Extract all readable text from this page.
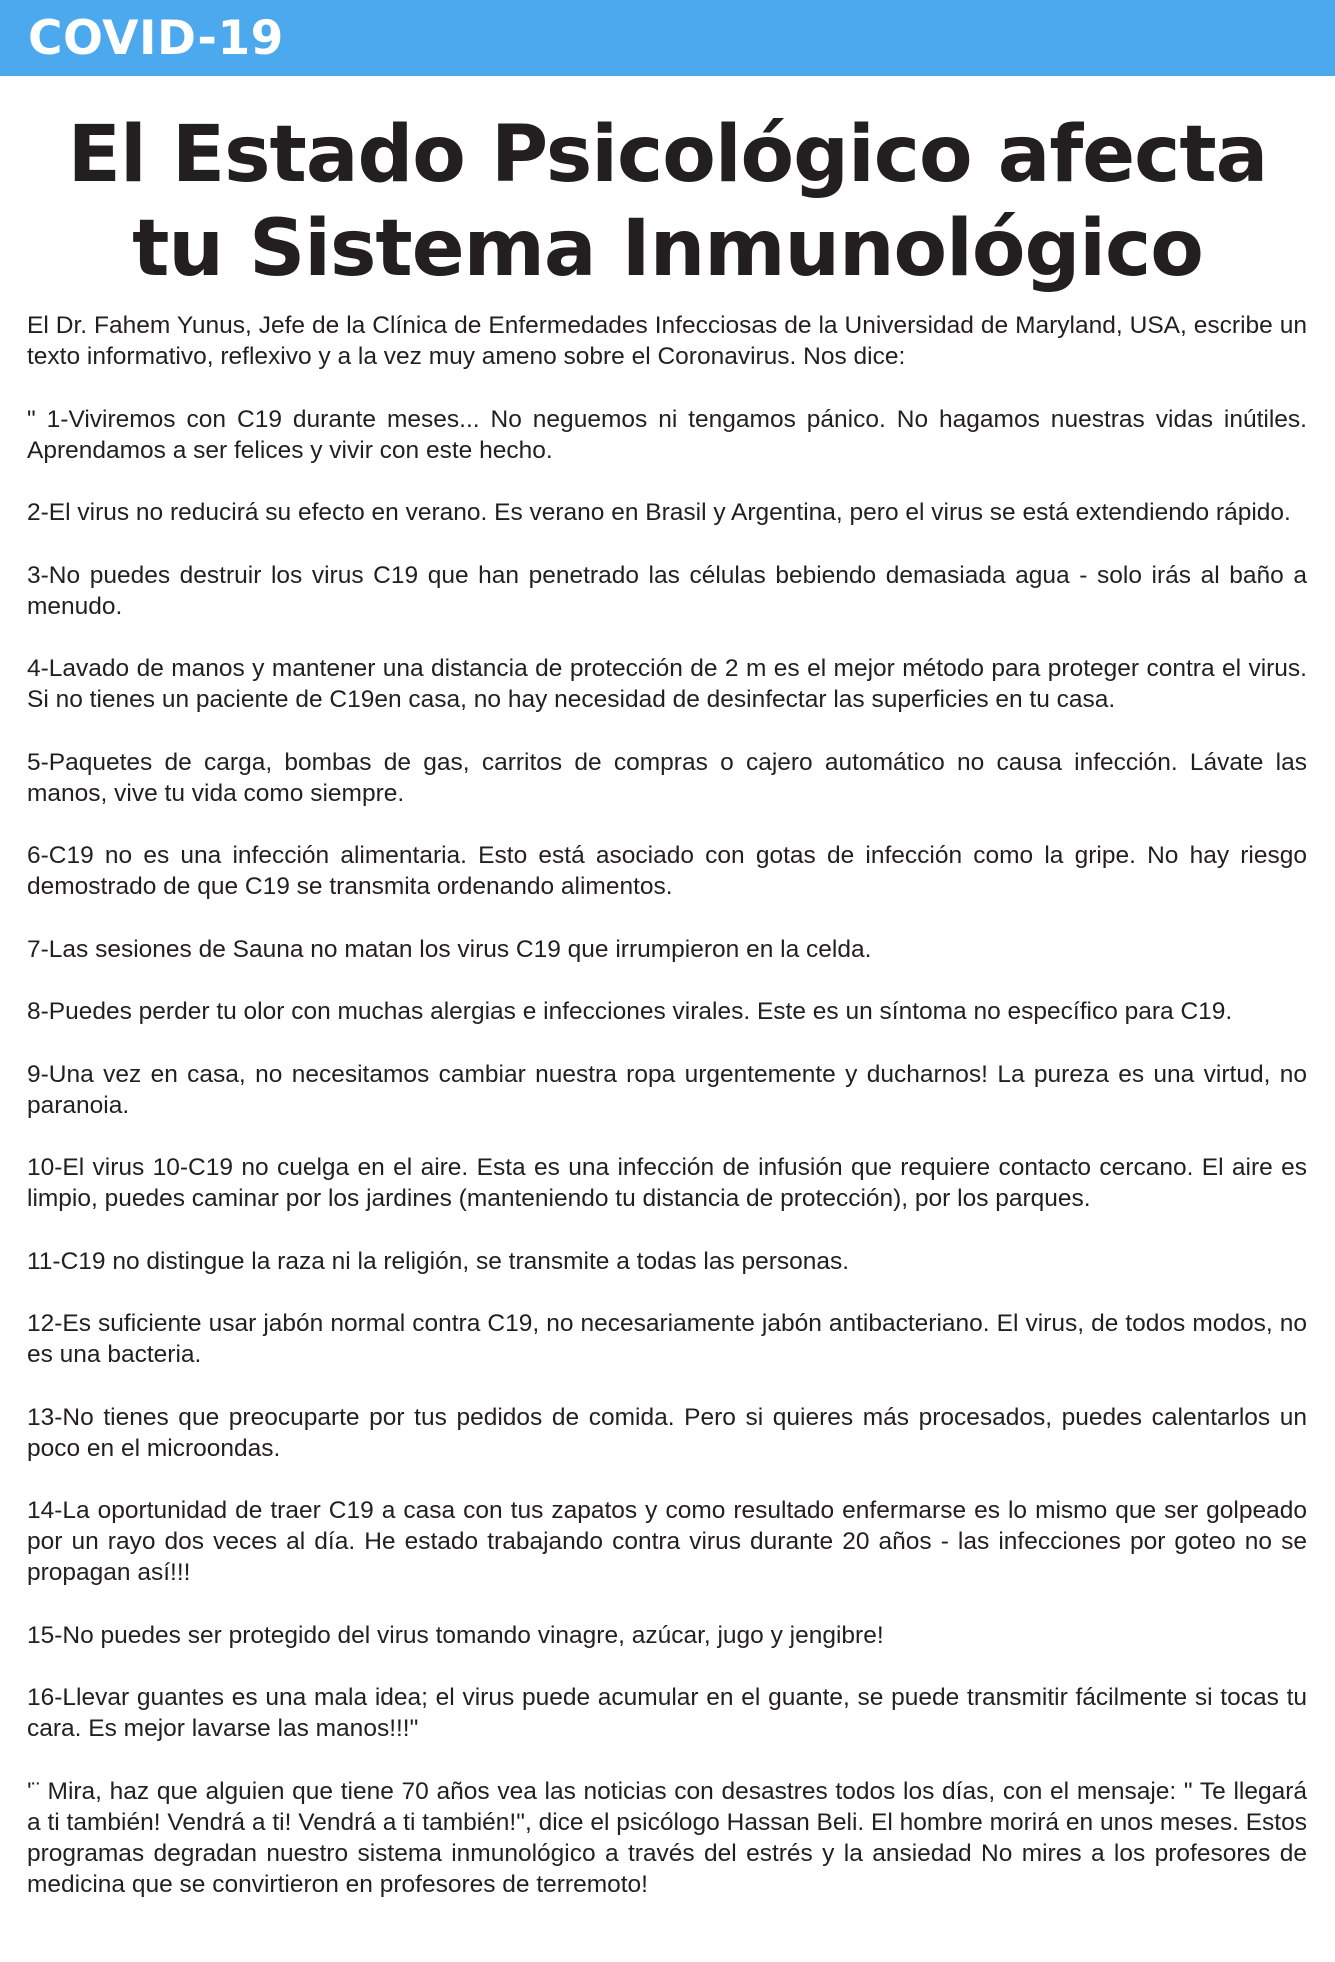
COVID-19
El Estado Psicológico afecta
tu Sistema Inmunológico

El Dr. Fahem Yunus, Jefe de la Clínica de Enfermedades Infecciosas de la Universidad de Maryland, USA, escribe un texto informativo, reflexivo y a la vez muy ameno sobre el Coronavirus. Nos dice:

" 1-Viviremos con C19 durante meses... No neguemos ni tengamos pánico. No hagamos nuestras vidas inútiles. Aprendamos a ser felices y vivir con este hecho.

2-El virus no reducirá su efecto en verano. Es verano en Brasil y Argentina, pero el virus se está extendiendo rápido.

3-No puedes destruir los virus C19 que han penetrado las células bebiendo demasiada agua - solo irás al baño a menudo.

4-Lavado de manos y mantener una distancia de protección de 2 m es el mejor método para proteger contra el virus. Si no tienes un paciente de C19en casa, no hay necesidad de desinfectar las superficies en tu casa.

5-Paquetes de carga, bombas de gas, carritos de compras o cajero automático no causa infección. Lávate las manos, vive tu vida como siempre.

6-C19 no es una infección alimentaria. Esto está asociado con gotas de infección como la gripe. No hay riesgo demostrado de que C19 se transmita ordenando alimentos.

7-Las sesiones de Sauna no matan los virus C19 que irrumpieron en la celda.

8-Puedes perder tu olor con muchas alergias e infecciones virales. Este es un síntoma no específico para C19.

9-Una vez en casa, no necesitamos cambiar nuestra ropa urgentemente y ducharnos! La pureza es una virtud, no paranoia.

10-El virus 10-C19 no cuelga en el aire. Esta es una infección de infusión que requiere contacto cercano. El aire es limpio, puedes caminar por los jardines (manteniendo tu distancia de protección), por los parques.

11-C19 no distingue la raza ni la religión, se transmite a todas las personas.

12-Es suficiente usar jabón normal contra C19, no necesariamente jabón antibacteriano. El virus, de todos modos, no es una bacteria.

13-No tienes que preocuparte por tus pedidos de comida. Pero si quieres más procesados, puedes calentarlos un poco en el microondas.

14-La oportunidad de traer C19 a casa con tus zapatos y como resultado enfermarse es lo mismo que ser golpeado por un rayo dos veces al día. He estado trabajando contra virus durante 20 años - las infecciones por goteo no se propagan así!!!

15-No puedes ser protegido del virus tomando vinagre, azúcar, jugo y jengibre!

16-Llevar guantes es una mala idea; el virus puede acumular en el guante, se puede transmitir fácilmente si tocas tu cara. Es mejor lavarse las manos!!!"

'¨ Mira, haz que alguien que tiene 70 años vea las noticias con desastres todos los días, con el mensaje: " Te llegará a ti también! Vendrá a ti! Vendrá a ti también!", dice el psicólogo Hassan Beli. El hombre morirá en unos meses. Estos programas degradan nuestro sistema inmunológico a través del estrés y la ansiedad No mires a los profesores de medicina que se convirtieron en profesores de terremoto!
